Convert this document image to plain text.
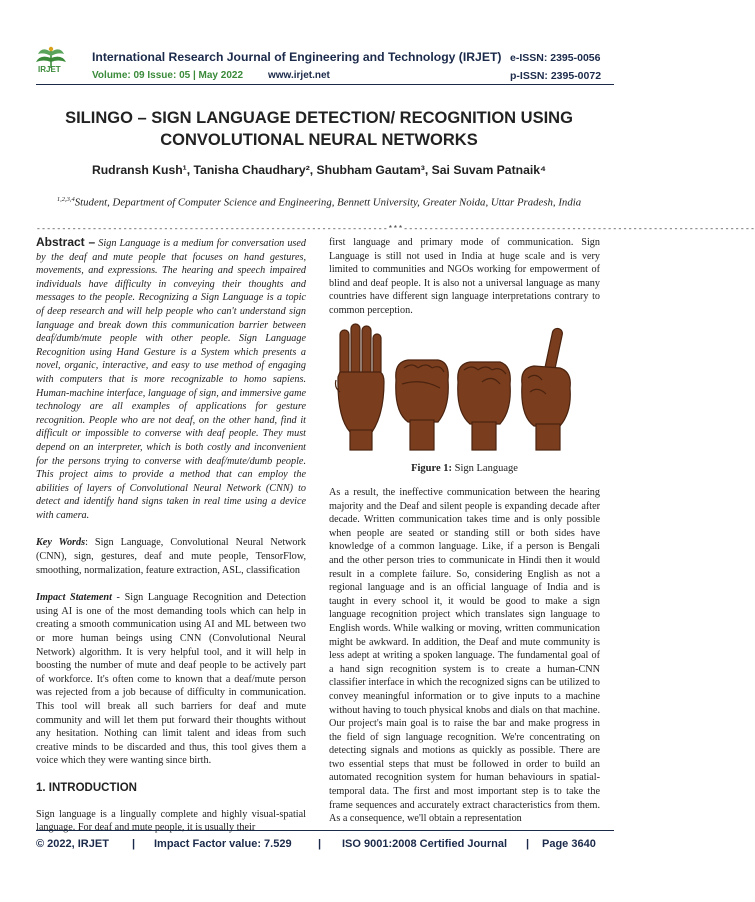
IRJET
International Research Journal of Engineering and Technology (IRJET) e-ISSN: 2395-0056
Volume: 09 Issue: 05 | May 2022 www.irjet.net	p-ISSN: 2395-0072
SILINGO – SIGN LANGUAGE DETECTION/ RECOGNITION USING CONVOLUTIONAL NEURAL NETWORKS
Rudransh Kush¹, Tanisha Chaudhary², Shubham Gautam³, Sai Suvam Patnaik⁴
$^{1,2,3,4}$Student, Department of Computer Science and Engineering, Bennett University, Greater Noida, Uttar Pradesh, India
---------------------------------------------------------------------***---------------------------------------------------------------------

Abstract – Sign Language is a medium for conversation used by the deaf and mute people that focuses on hand gestures, movements, and expressions. The hearing and speech impaired individuals have difficulty in conveying their thoughts and messages to the people. Recognizing a Sign Language is a topic of deep research and will help people who can't understand sign language and break down this communication barrier between deaf/dumb/mute people with other people. Sign Language Recognition using Hand Gesture is a System which presents a novel, organic, interactive, and easy to use method of engaging with computers that is more recognizable to homo sapiens. Human-machine interface, language of sign, and immersive game technology are all examples of applications for gesture recognition. People who are not deaf, on the other hand, find it difficult or impossible to converse with deaf people. They must depend on an interpreter, which is both costly and inconvenient for the persons trying to converse with deaf/mute/dumb people. This project aims to provide a method that can employ the abilities of layers of Convolutional Neural Network (CNN) to detect and identify hand signs taken in real time using a device with camera.

Key Words: Sign Language, Convolutional Neural Network (CNN), sign, gestures, deaf and mute people, TensorFlow, smoothing, normalization, feature extraction, ASL, classification

Impact Statement - Sign Language Recognition and Detection using AI is one of the most demanding tools which can help in creating a smooth communication using AI and ML between two or more human beings using CNN (Convolutional Neural Network) algorithm. It is very helpful tool, and it will help in boosting the number of mute and deaf people to be actively part of workforce. It's often come to known that a deaf/mute person was rejected from a job because of difficulty in communication. This tool will break all such barriers for deaf and mute community and will let them put forward their thoughts without any hesitation. Nothing can limit talent and ideas from such creative minds to be discarded and thus, this tool gives them a voice which they were wanting since birth.

1. INTRODUCTION

Sign language is a lingually complete and highly visual-spatial language. For deaf and mute people, it is usually their

first language and primary mode of communication. Sign Language is still not used in India at huge scale and is very limited to communities and NGOs working for empowerment of blind and deaf people. It is also not a universal language as many countries have different sign language interpretations contrary to common perception.

Figure 1: Sign Language

As a result, the ineffective communication between the hearing majority and the Deaf and silent people is expanding decade after decade. Written communication takes time and is only possible when people are seated or standing still or both sides have knowledge of a common language. Like, if a person is Bengali and the other person tries to communicate in Hindi then it would result in a complete failure. So, considering English as not a regional language and is an official language of India and is taught in every school it, it would be good to make a sign language recognition project which translates sign language to English words. While walking or moving, written communication might be awkward. In addition, the Deaf and mute community is less adept at writing a spoken language. The fundamental goal of a hand sign recognition system is to create a human-CNN classifier interface in which the recognized signs can be utilized to convey meaningful information or to give inputs to a machine without having to touch physical knobs and dials on that machine. Our project's main goal is to raise the bar and make progress in the field of sign language recognition. We're concentrating on detecting signals and motions as quickly as possible. There are two essential steps that must be followed in order to build an automated recognition system for human behaviours in spatial-temporal data. The first and most important step is to take the frame sequences and accurately extract characteristics from them. As a consequence, we'll obtain a representation

© 2022, IRJET | Impact Factor value: 7.529 | ISO 9001:2008 Certified Journal | Page 3640
